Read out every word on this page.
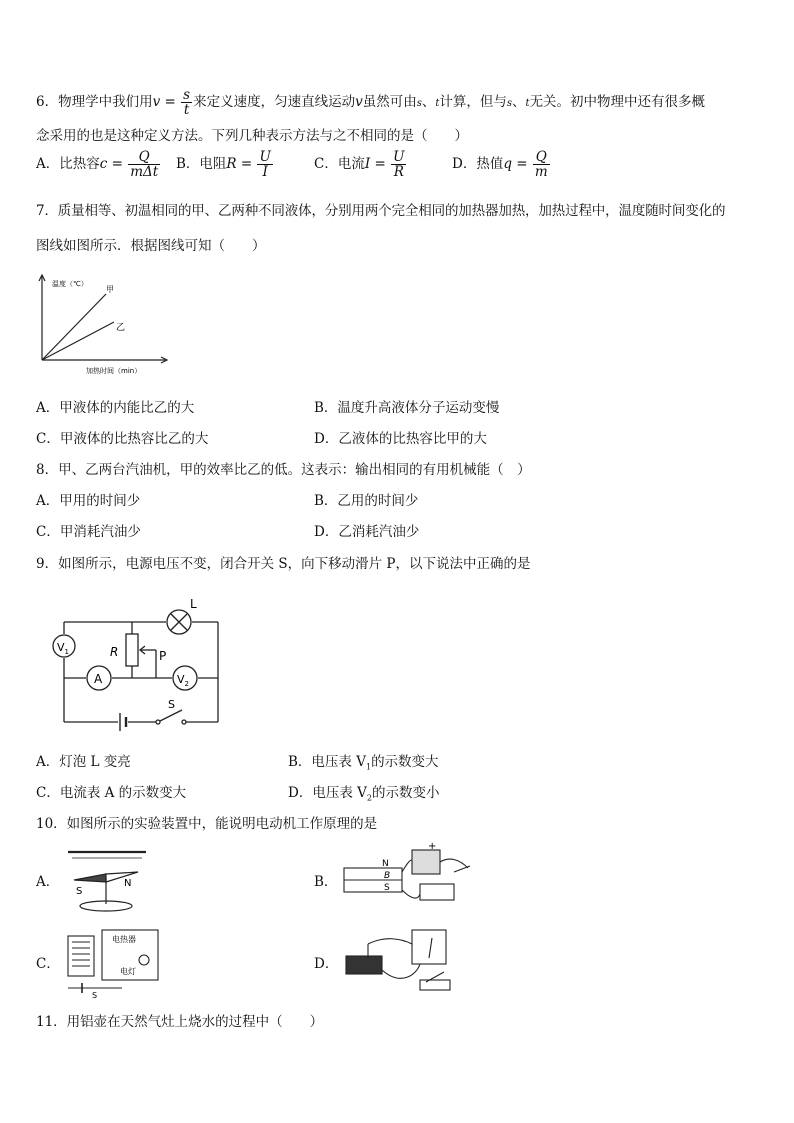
6．物理学中我们用$v = \frac{s}{t}$ 来定义速度，匀速直线运动v虽然可由s、t计算，但与s、t无关。初中物理中还有很多概
念采用的也是这种定义方法。下列几种表示方法与之不相同的是（　　）
A．比热容$c = \frac{Q}{\text{mΔt}}$ B．电阻$R = \frac{U}{I}$	C．电流$I = \frac{U}{R}$	D．热值$q = \frac{Q}{m}$
7．质量相等、初温相同的甲、乙两种不同液体，分别用两个完全相同的加热器加热，加热过程中，温度随时间变化的
图线如图所示．根据图线可知（　　）
温度（℃）
甲
乙
加热时间（min）
A．甲液体的内能比乙的大	B．温度升高液体分子运动变慢
C．甲液体的比热容比乙的大	D．乙液体的比热容比甲的大
8．甲、乙两台汽油机，甲的效率比乙的低。这表示：输出相同的有用机械能（　）
A．甲用的时间少	B．乙用的时间少
C．甲消耗汽油少	D．乙消耗汽油少
9．如图所示，电源电压不变，闭合开关 S，向下移动滑片 P，以下说法中正确的是
L
$V_1$	R	P
A	$V_2$
S
A．灯泡 L 变亮	B．电压表 $V_1$的示数变大
C．电流表 A 的示数变大	D．电压表 $V_2$的示数变小
10．如图所示的实验装置中，能说明电动机工作原理的是
A．
S
N	B．
N
B
S
+
C．
电热器
电灯
S
D．
11．用铝壶在天然气灶上烧水的过程中（　　）
